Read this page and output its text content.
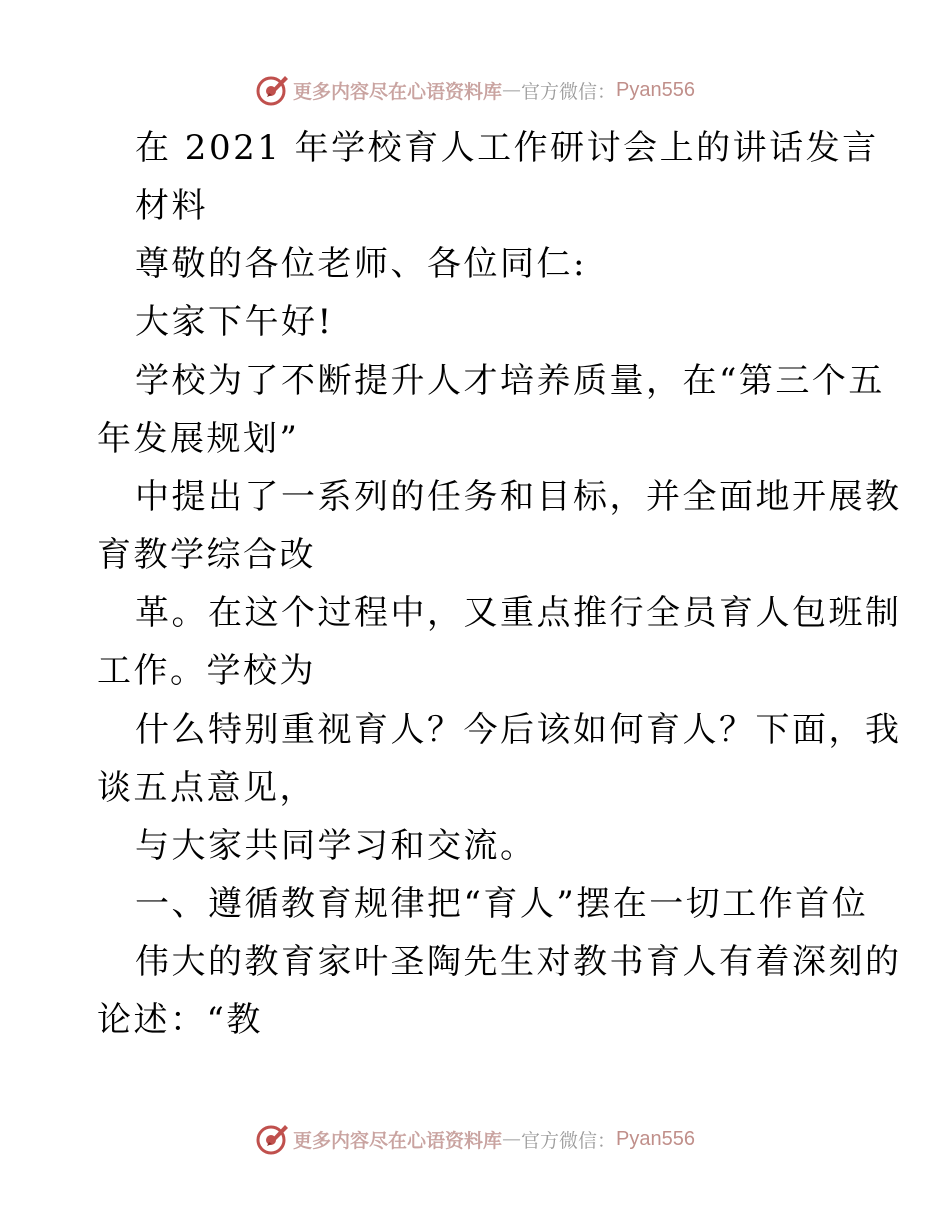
更多内容尽在心语资料库 — 官方微信： Pyan556
在 2021 年学校育人工作研讨会上的讲话发言
材料
尊敬的各位老师、各位同仁:
大家下午好!
学校为了不断提升人才培养质量，在“第三个五
年发展规划”
中提出了一系列的任务和目标，并全面地开展教
育教学综合改
革。在这个过程中，又重点推行全员育人包班制
工作。学校为
什么特别重视育人？今后该如何育人？下面，我
谈五点意见，
与大家共同学习和交流。
一、遵循教育规律把“育人”摆在一切工作首位
伟大的教育家叶圣陶先生对教书育人有着深刻的
论述：“教
更多内容尽在心语资料库 — 官方微信： Pyan556
